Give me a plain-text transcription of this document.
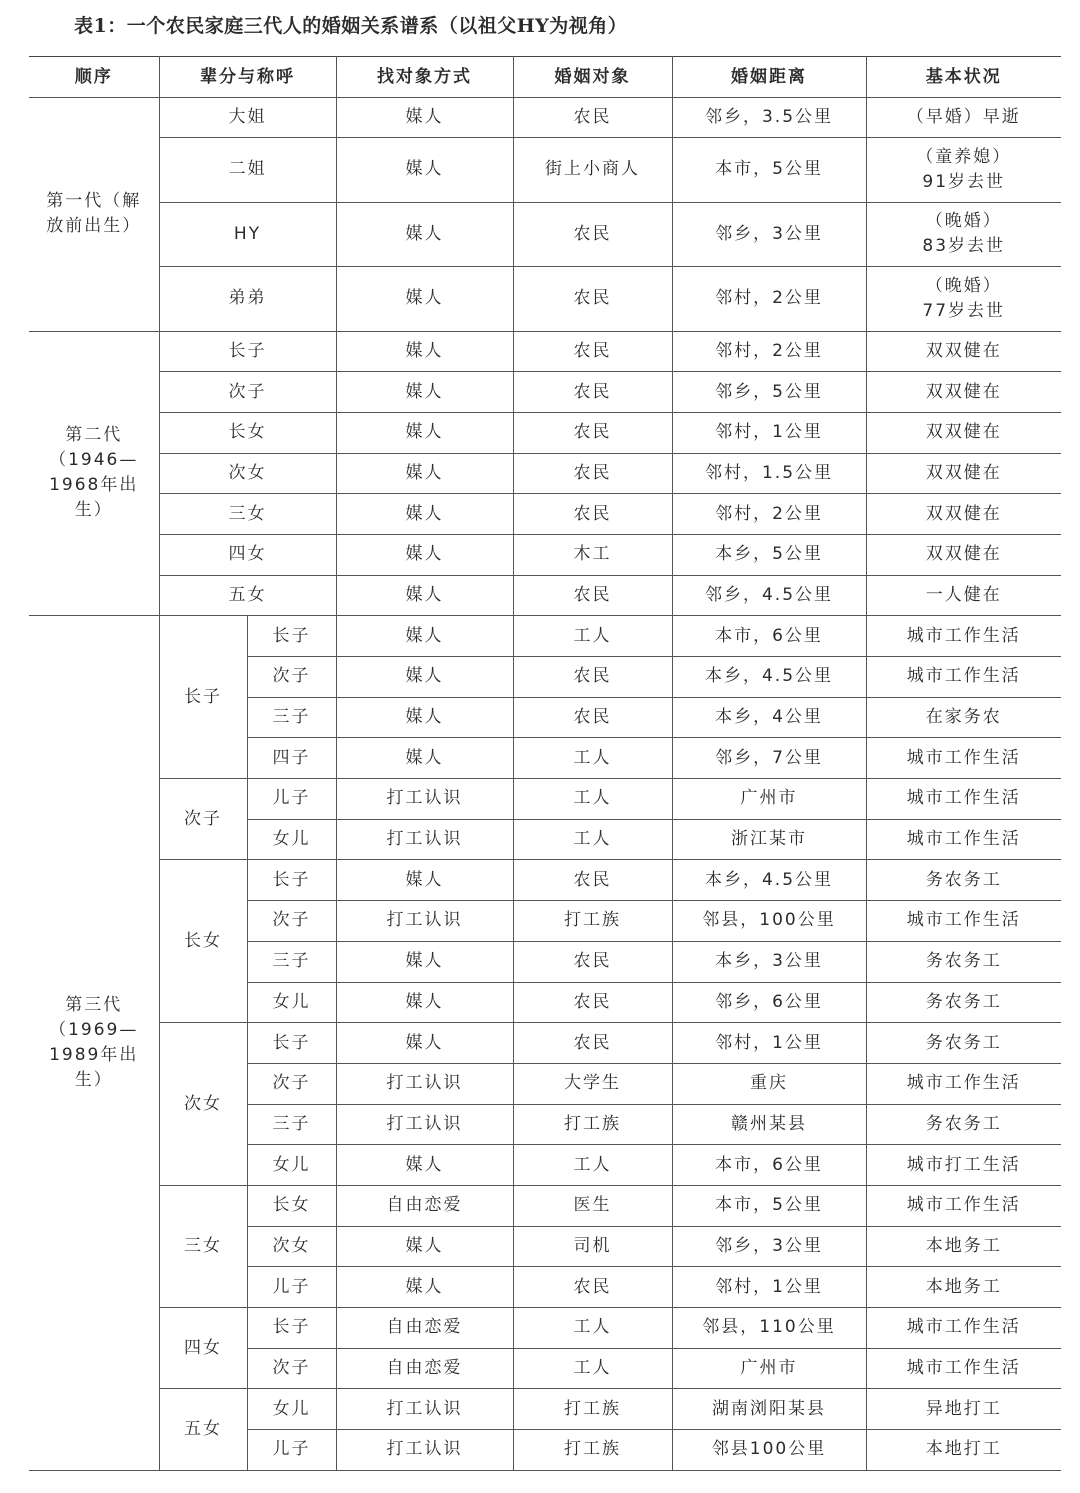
表1：一个农民家庭三代人的婚姻关系谱系（以祖父HY为视角）
顺序	辈分与称呼		找对象方式	婚姻对象	婚姻距离	基本状况
第一代（解放前出生）	大姐		媒人	农民	邻乡，3.5公里	（早婚）早逝
	二姐		媒人	街上小商人	本市，5公里	（童养媳）
91岁去世

	HY		媒人	农民	邻乡，3公里	（晚婚）
83岁去世

	弟弟		媒人	农民	邻村，2公里	（晚婚）
77岁去世

第二代（1946—1968年出生）	长子		媒人	农民	邻村，2公里	双双健在
	次子		媒人	农民	邻乡，5公里	双双健在
	长女		媒人	农民	邻村，1公里	双双健在
	次女		媒人	农民	邻村，1.5公里	双双健在
	三女		媒人	农民	邻村，2公里	双双健在
	四女		媒人	木工	本乡，5公里	双双健在
	五女		媒人	农民	邻乡，4.5公里	一人健在
第三代（1969—1989年出生）	长子	长子	媒人	工人	本市，6公里	城市工作生活
		次子	媒人	农民	本乡，4.5公里	城市工作生活
		三子	媒人	农民	本乡，4公里	在家务农
		四子	媒人	工人	邻乡，7公里	城市工作生活
	次子	儿子	打工认识	工人	广州市	城市工作生活
		女儿	打工认识	工人	浙江某市	城市工作生活
	长女	长子	媒人	农民	本乡，4.5公里	务农务工
		次子	打工认识	打工族	邻县，100公里	城市工作生活
		三子	媒人	农民	本乡，3公里	务农务工
		女儿	媒人	农民	邻乡，6公里	务农务工
	次女	长子	媒人	农民	邻村，1公里	务农务工
		次子	打工认识	大学生	重庆	城市工作生活
		三子	打工认识	打工族	赣州某县	务农务工
		女儿	媒人	工人	本市，6公里	城市打工生活
	三女	长女	自由恋爱	医生	本市，5公里	城市工作生活
		次女	媒人	司机	邻乡，3公里	本地务工
		儿子	媒人	农民	邻村，1公里	本地务工
	四女	长子	自由恋爱	工人	邻县，110公里	城市工作生活
		次子	自由恋爱	工人	广州市	城市工作生活
	五女	女儿	打工认识	打工族	湖南浏阳某县	异地打工
		儿子	打工认识	打工族	邻县100公里	本地打工
